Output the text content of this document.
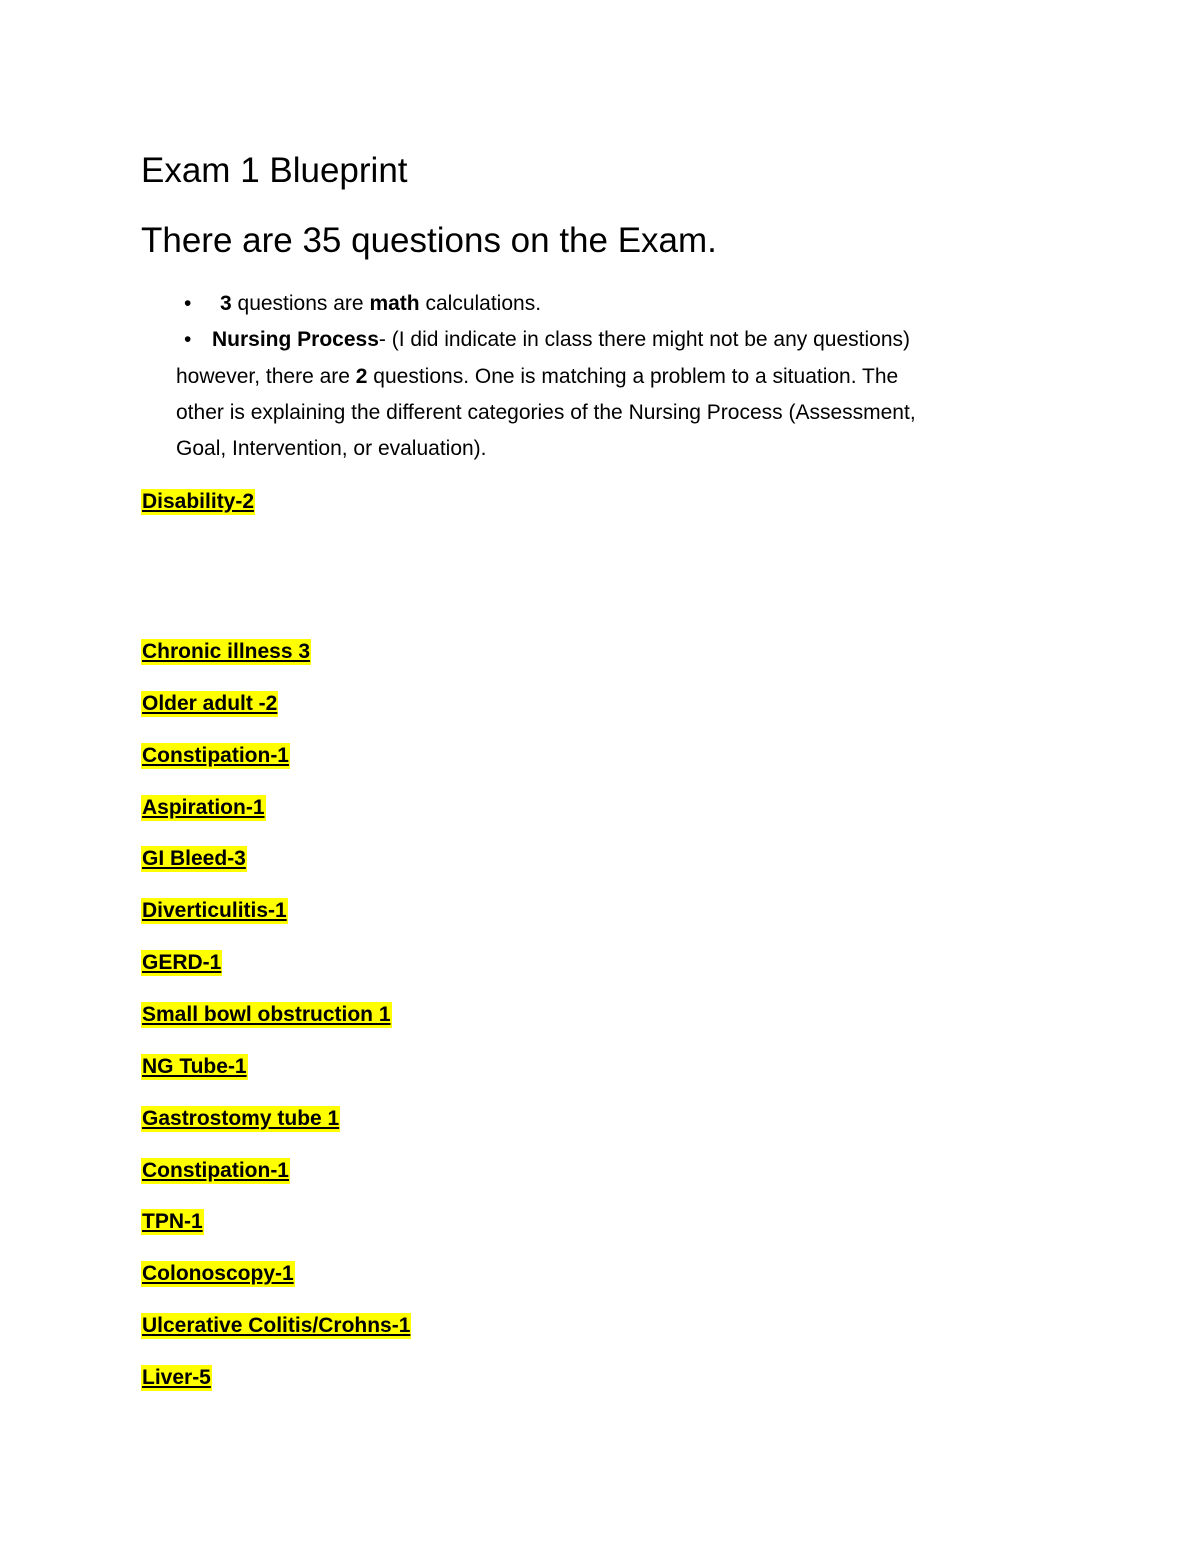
Exam 1 Blueprint
There are 35 questions on the Exam.
• 3 questions are math calculations.
• Nursing Process- (I did indicate in class there might not be any questions)
however, there are 2 questions. One is matching a problem to a situation. The
other is explaining the different categories of the Nursing Process (Assessment,
Goal, Intervention, or evaluation).
Disability-2
Chronic illness 3
Older adult -2
Constipation-1
Aspiration-1
GI Bleed-3
Diverticulitis-1
GERD-1
Small bowl obstruction 1
NG Tube-1
Gastrostomy tube 1
Constipation-1
TPN-1
Colonoscopy-1
Ulcerative Colitis/Crohns-1
Liver-5
